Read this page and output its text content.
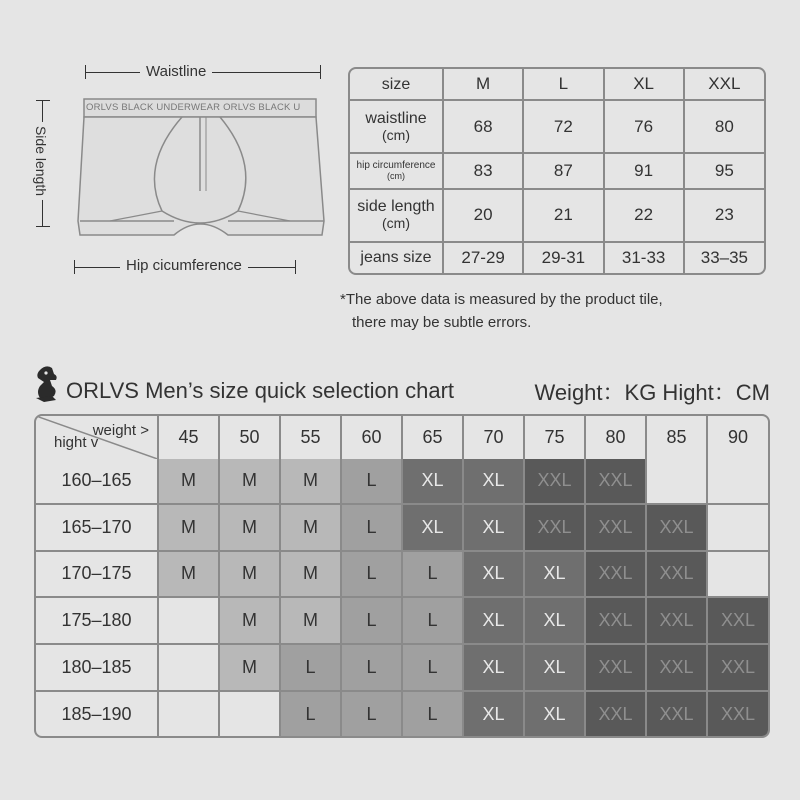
Waistline
Side length
ORLVS BLACK UNDERWEAR ORLVS BLACK U
Hip cicumference
size	M	L	XL	XXL
waistline
(cm)	68	72	76	80
hip circumference
(cm)	83	87	91	95
side length
(cm)	20	21	22	23
jeans size	27-29	29-31	31-33	33–35
*The above data is measured by the product tile,
there may be subtle errors.
ORLVS Men’s size quick selection chart	Weight：KG Hight：CM
weight >
hight v	45	50	55	60	65	70	75	80	85	90
160–165	M	M	M	L	XL	XL	XXL	XXL		
165–170	M	M	M	L	XL	XL	XXL	XXL	XXL	
170–175	M	M	M	L	L	XL	XL	XXL	XXL	
175–180		M	M	L	L	XL	XL	XXL	XXL	XXL
180–185		M	L	L	L	XL	XL	XXL	XXL	XXL
185–190			L	L	L	XL	XL	XXL	XXL	XXL
